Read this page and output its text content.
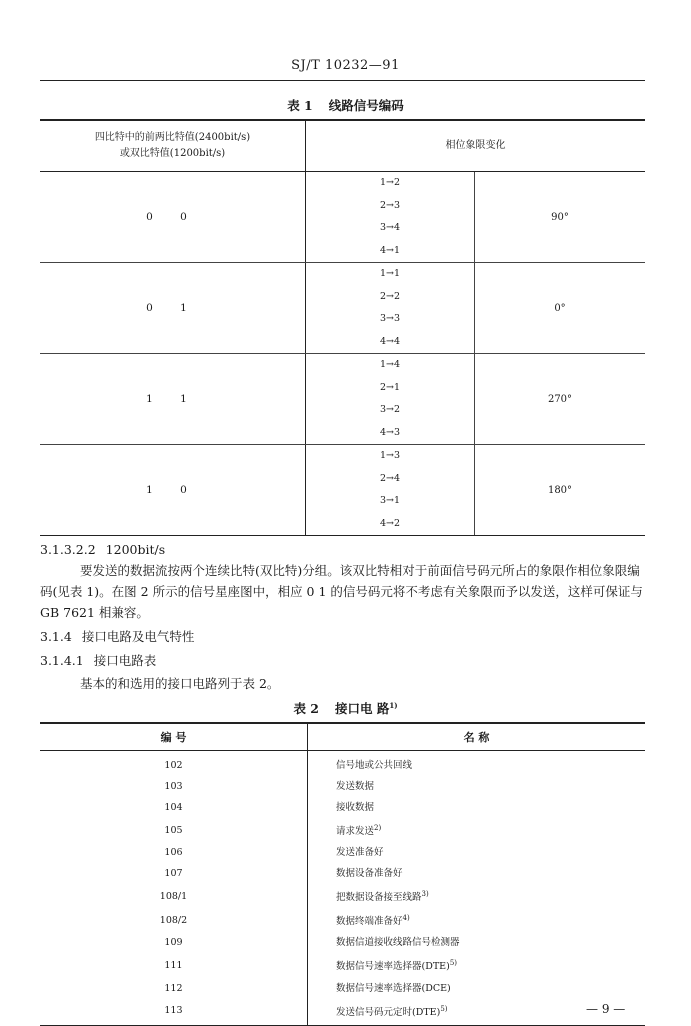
SJ/T 10232—91
表 1 线路信号编码
四比特中的前两比特值(2400bit/s)
或双比特值(1200bit/s)	相位象限变化	
0 0	1→2
2→3
3→4
4→1	90°
0 1	1→1
2→2
3→3
4→4	0°
1 1	1→4
2→1
3→2
4→3	270°
1 0	1→3
2→4
3→1
4→2	180°
3.1.3.2.2 1200bit/s
要发送的数据流按两个连续比特(双比特)分组。该双比特相对于前面信号码元所占的象限作相位象限编码(见表 1)。在图 2 所示的信号星座图中，相应 0 1 的信号码元将不考虑有关象限而予以发送，这样可保证与 GB 7621 相兼容。
3.1.4 接口电路及电气特性
3.1.4.1 接口电路表
基本的和选用的接口电路列于表 2。
表 2 接口电 路$^{1)}$
编 号	名 称
102	信号地或公共回线
103	发送数据
104	接收数据
105	请求发送$^{2)}$
106	发送准备好
107	数据设备准备好
108/1	把数据设备接至线路$^{3)}$
108/2	数据终端准备好$^{4)}$
109	数据信道接收线路信号检测器
111	数据信号速率选择器(DTE)$^{5)}$
112	数据信号速率选择器(DCE)
113	发送信号码元定时(DTE)$^{5)}$	— 9 —
